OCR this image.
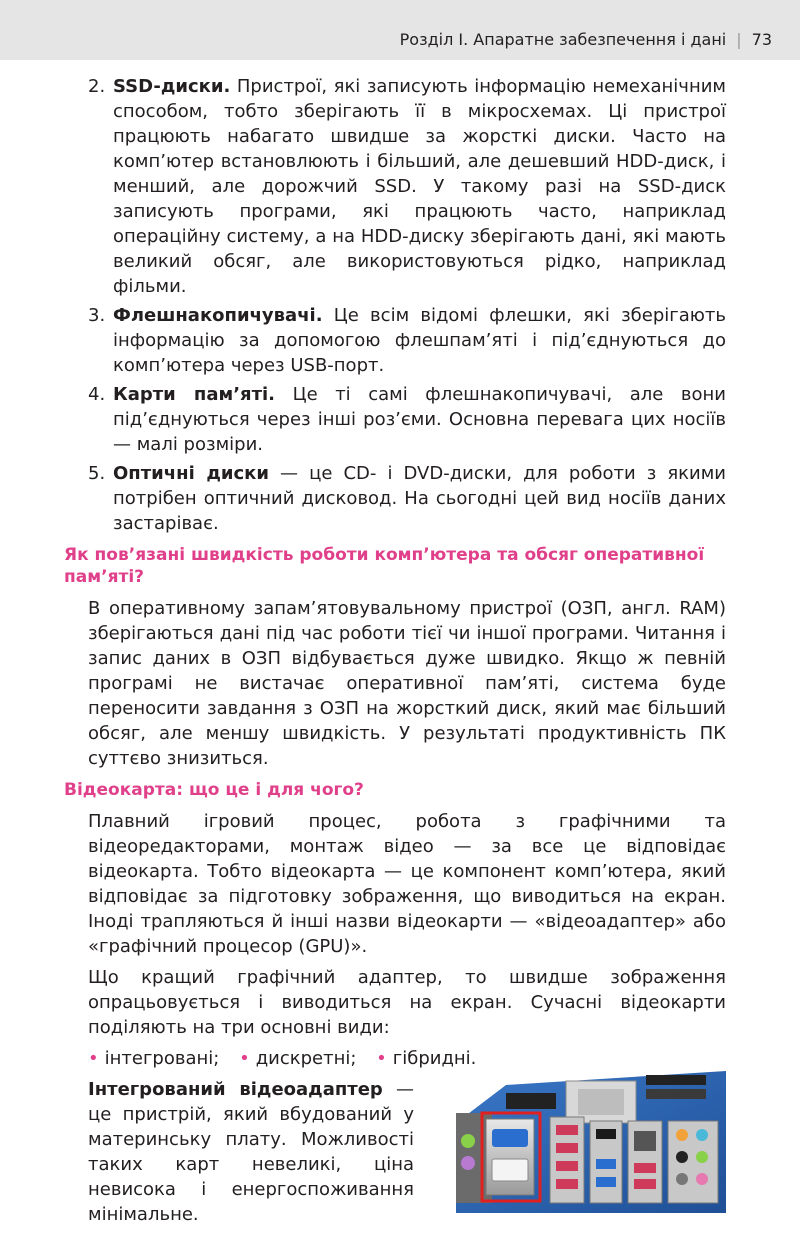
Розділ І. Апаратне забезпечення і дані | 73
2. SSD-диски. Пристрої, які записують інформацію немеханічним способом, тобто зберігають її в мікросхемах. Ці пристрої працюють набагато швидше за жорсткі диски. Часто на комп’ютер встановлюють і більший, але дешевший HDD-диск, і менший, але дорожчий SSD. У такому разі на SSD-диск записують програми, які працюють часто, наприклад операційну систему, а на HDD-диску зберігають дані, які мають великий обсяг, але використовуються рідко, наприклад фільми.
3. Флешнакопичувачі. Це всім відомі флешки, які зберігають інформацію за допомогою флешпам’яті і під’єднуються до комп’ютера через USB-порт.
4. Карти пам’яті. Це ті самі флешнакопичувачі, але вони під’єднуються через інші роз’єми. Основна перевага цих носіїв — малі розміри.
5. Оптичні диски — це CD- і DVD-диски, для роботи з якими потрібен оптичний дисковод. На сьогодні цей вид носіїв даних застаріває.
Як пов’язані швидкість роботи комп’ютера та обсяг оперативної пам’яті?

В оперативному запам’ятовувальному пристрої (ОЗП, англ. RAM) зберігаються дані під час роботи тієї чи іншої програми. Читання і запис даних в ОЗП відбувається дуже швидко. Якщо ж певній програмі не вистачає оперативної пам’яті, система буде переносити завдання з ОЗП на жорсткий диск, який має більший обсяг, але меншу швидкість. У результаті продуктивність ПК суттєво знизиться.

Відеокарта: що це і для чого?

Плавний ігровий процес, робота з графічними та відеоредакторами, монтаж відео — за все це відповідає відеокарта. Тобто відеокарта — це компонент комп’ютера, який відповідає за підготовку зображення, що виводиться на екран. Іноді трапляються й інші назви відеокарти — «відеоадаптер» або «графічний процесор (GPU)».

Що кращий графічний адаптер, то швидше зображення опрацьовується і виводиться на екран. Сучасні відеокарти поділяють на три основні види:

• інтегровані; • дискретні; • гібридні.
Інтегрований відеоадаптер — це пристрій, який вбудований у материнську плату. Можливості таких карт невеликі, ціна невисока і енергоспоживання мінімальне.
